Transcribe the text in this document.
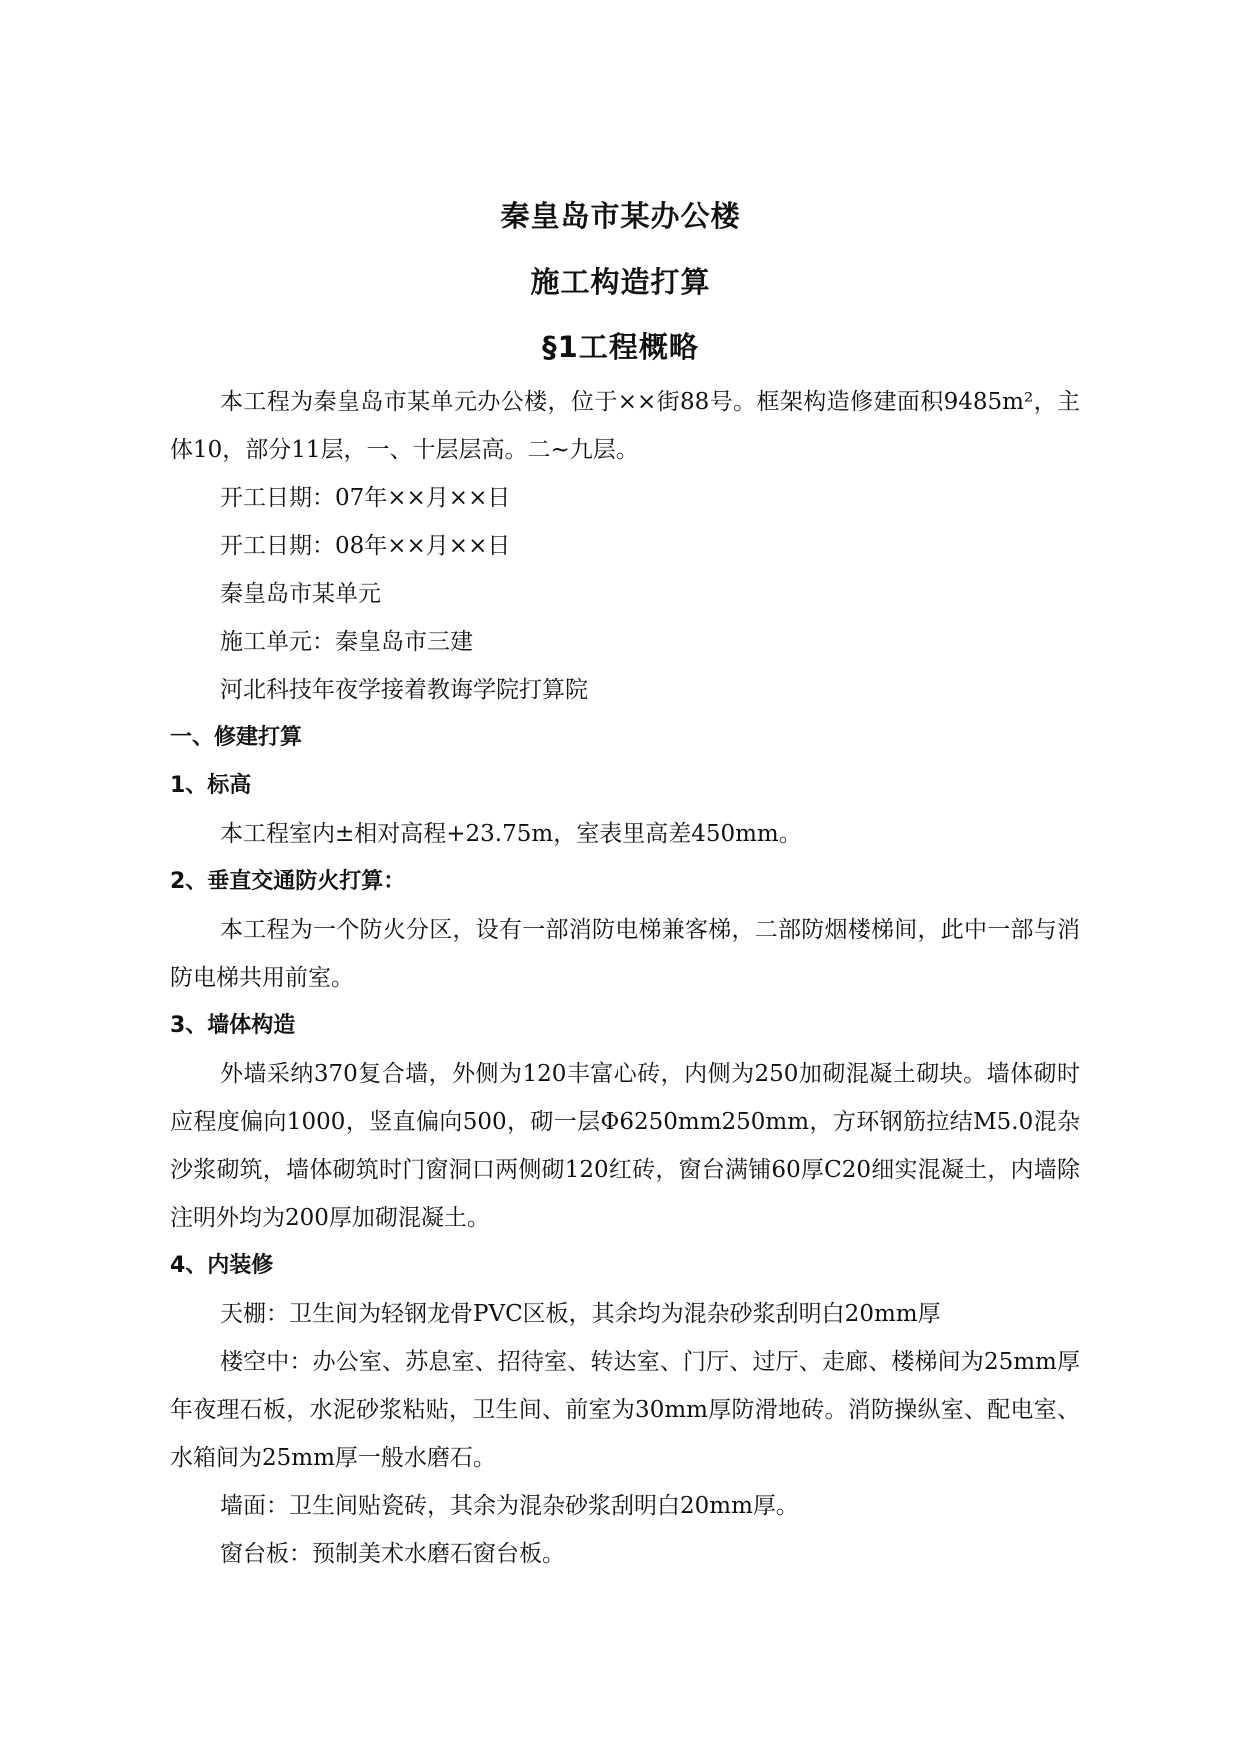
秦皇岛市某办公楼
施工构造打算
§1工程概略

本工程为秦皇岛市某单元办公楼，位于××街88号。框架构造修建面积9485m²，主体10，部分11层，一、十层层高。二~九层。

开工日期：07年××月××日

开工日期：08年××月××日

秦皇岛市某单元

施工单元：秦皇岛市三建

河北科技年夜学接着教诲学院打算院

一、修建打算

1、标高

本工程室内±相对高程+23.75m，室表里高差450mm。

2、垂直交通防火打算：

本工程为一个防火分区，设有一部消防电梯兼客梯，二部防烟楼梯间，此中一部与消防电梯共用前室。

3、墙体构造

外墙采纳370复合墙，外侧为120丰富心砖，内侧为250加砌混凝土砌块。墙体砌时应程度偏向1000，竖直偏向500，砌一层Φ6250mm250mm，方环钢筋拉结M5.0混杂沙浆砌筑，墙体砌筑时门窗洞口两侧砌120红砖，窗台满铺60厚C20细实混凝土，内墙除注明外均为200厚加砌混凝土。

4、内装修

天棚：卫生间为轻钢龙骨PVC区板，其余均为混杂砂浆刮明白20mm厚

楼空中：办公室、苏息室、招待室、转达室、门厅、过厅、走廊、楼梯间为25mm厚年夜理石板，水泥砂浆粘贴，卫生间、前室为30mm厚防滑地砖。消防操纵室、配电室、水箱间为25mm厚一般水磨石。

墙面：卫生间贴瓷砖，其余为混杂砂浆刮明白20mm厚。

窗台板：预制美术水磨石窗台板。
